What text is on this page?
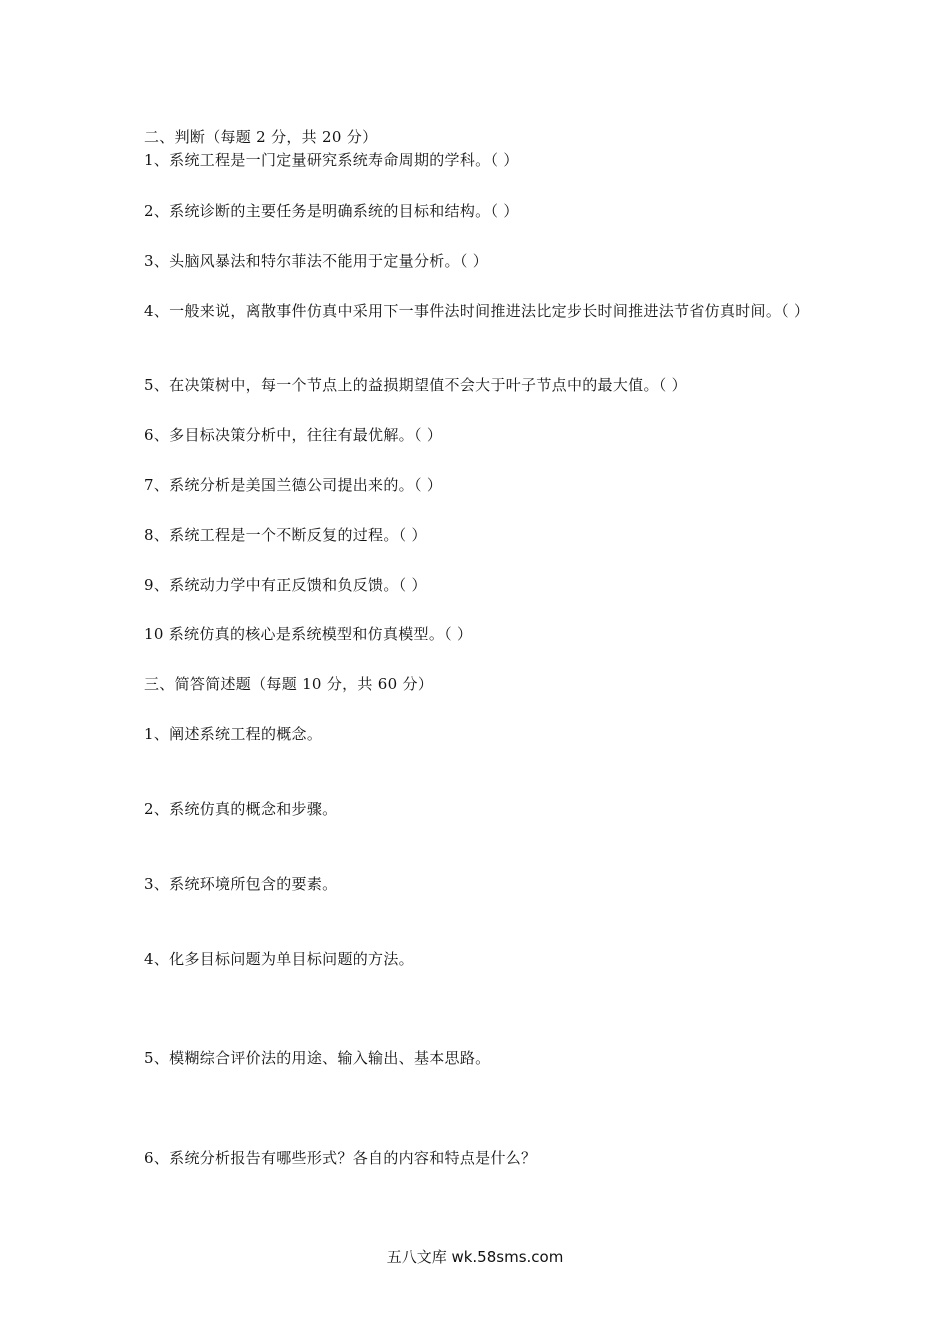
二、判断（每题 2 分，共 20 分）
1、系统工程是一门定量研究系统寿命周期的学科。（ ）
2、系统诊断的主要任务是明确系统的目标和结构。（ ）
3、头脑风暴法和特尔菲法不能用于定量分析。（ ）
4、一般来说，离散事件仿真中采用下一事件法时间推进法比定步长时间推进法节省仿真时间。（ ）
5、在决策树中，每一个节点上的益损期望值不会大于叶子节点中的最大值。（ ）
6、多目标决策分析中，往往有最优解。（ ）
7、系统分析是美国兰德公司提出来的。（ ）
8、系统工程是一个不断反复的过程。（ ）
9、系统动力学中有正反馈和负反馈。（ ）
10 系统仿真的核心是系统模型和仿真模型。（ ）
三、简答简述题（每题 10 分，共 60 分）
1、阐述系统工程的概念。
2、系统仿真的概念和步骤。
3、系统环境所包含的要素。
4、化多目标问题为单目标问题的方法。
5、模糊综合评价法的用途、输入输出、基本思路。
6、系统分析报告有哪些形式？各自的内容和特点是什么？
五八文库 wk.58sms.com
